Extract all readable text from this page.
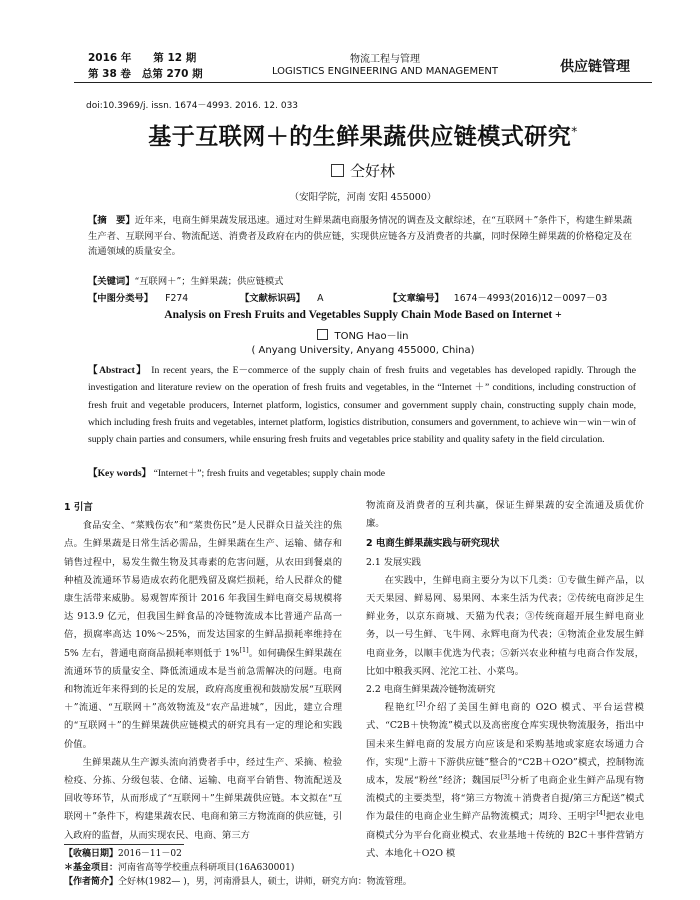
2016 年      第 12 期
第 38 卷   总第 270 期
物流工程与管理
LOGISTICS ENGINEERING AND MANAGEMENT	供应链管理
doi:10.3969/j. issn. 1674－4993. 2016. 12. 033
基于互联网＋的生鲜果蔬供应链模式研究*
仝好林
（安阳学院，河南 安阳 455000）
【摘　要】近年来，电商生鲜果蔬发展迅速。通过对生鲜果蔬电商服务情况的调查及文献综述，在“互联网＋”条件下，构建生鲜果蔬生产者、互联网平台、物流配送、消费者及政府在内的供应链，实现供应链各方及消费者的共赢，同时保障生鲜果蔬的价格稳定及在流通领域的质量安全。
【关键词】“互联网＋”；生鲜果蔬；供应链模式
【中图分类号】 F274	【文献标识码】 A	【文章编号】 1674－4993(2016)12－0097－03
Analysis on Fresh Fruits and Vegetables Supply Chain Mode Based on Internet +
TONG Hao－lin
( Anyang University, Anyang 455000, China)
【Abstract】 In recent years, the E－commerce of the supply chain of fresh fruits and vegetables has developed rapidly. Through the investigation and literature review on the operation of fresh fruits and vegetables, in the “Internet ＋” conditions, including construction of fresh fruit and vegetable producers, Internet platform, logistics, consumer and government supply chain, constructing supply chain mode, which including fresh fruits and vegetables, internet platform, logistics distribution, consumers and government, to achieve win－win－win of supply chain parties and consumers, while ensuring fresh fruits and vegetables price stability and quality safety in the field circulation.
【Key words】 “Internet＋”; fresh fruits and vegetables; supply chain mode
1 引言

食品安全、“菜贱伤农”和“菜贵伤民”是人民群众日益关注的焦点。生鲜果蔬是日常生活必需品，生鲜果蔬在生产、运输、储存和销售过程中，易发生微生物及其毒素的危害问题，从农田到餐桌的种植及流通环节易造成农药化肥残留及腐烂损耗，给人民群众的健康生活带来威胁。易观智库预计 2016 年我国生鲜电商交易规模将达 913.9 亿元，但我国生鲜食品的冷链物流成本比普通产品高一倍，损腐率高达 10%～25%，而发达国家的生鲜品损耗率维持在 5% 左右，普通电商商品损耗率则低于 1%[1]。如何确保生鲜果蔬在流通环节的质量安全、降低流通成本是当前急需解决的问题。电商和物流近年来得到的长足的发展，政府高度重视和鼓励发展“互联网＋”流通、“互联网＋”高效物流及“农产品进城”，因此，建立合理的“互联网＋”的生鲜果蔬供应链模式的研究具有一定的理论和实践价值。

生鲜果蔬从生产源头流向消费者手中，经过生产、采摘、检验检疫、分拣、分级包装、仓储、运输、电商平台销售、物流配送及回收等环节，从而形成了“互联网＋”生鲜果蔬供应链。本文拟在“互联网＋”条件下，构建果蔬农民、电商和第三方物流商的供应链，引入政府的监督，从而实现农民、电商、第三方

物流商及消费者的互利共赢，保证生鲜果蔬的安全流通及质优价廉。

2 电商生鲜果蔬实践与研究现状
2.1 发展实践

在实践中，生鲜电商主要分为以下几类：①专做生鲜产品，以天天果园、鲜易网、易果网、本来生活为代表；②传统电商涉足生鲜业务，以京东商城、天猫为代表；③传统商超开展生鲜电商业务，以一号生鲜、飞牛网、永辉电商为代表；④物流企业发展生鲜电商业务，以顺丰优选为代表；⑤新兴农业种植与电商合作发展，比如中粮我买网、沱沱工社、小菜鸟。

2.2 电商生鲜果蔬冷链物流研究

程艳红[2]介绍了美国生鲜电商的 O2O 模式、平台运营模式、“C2B＋快物流”模式以及高密度仓库实现快物流服务，指出中国未来生鲜电商的发展方向应该是和采购基地或家庭农场通力合作，实现“上游＋下游供应链”整合的“C2B＋O2O”模式，控制物流成本，发展“粉丝”经济；魏国辰[3]分析了电商企业生鲜产品现有物流模式的主要类型，将“第三方物流＋消费者自提/第三方配送”模式作为最佳的电商企业生鲜产品物流模式；周玲、王明宇[4]把农业电商模式分为平台化商业模式、农业基地＋传统的 B2C＋事件营销方式、本地化＋O2O 模

【收稿日期】2016－11－02
＊基金项目：河南省高等学校重点科研项目(16A630001)
【作者简介】仝好林(1982— )，男，河南滑县人，硕士，讲师，研究方向：物流管理。
